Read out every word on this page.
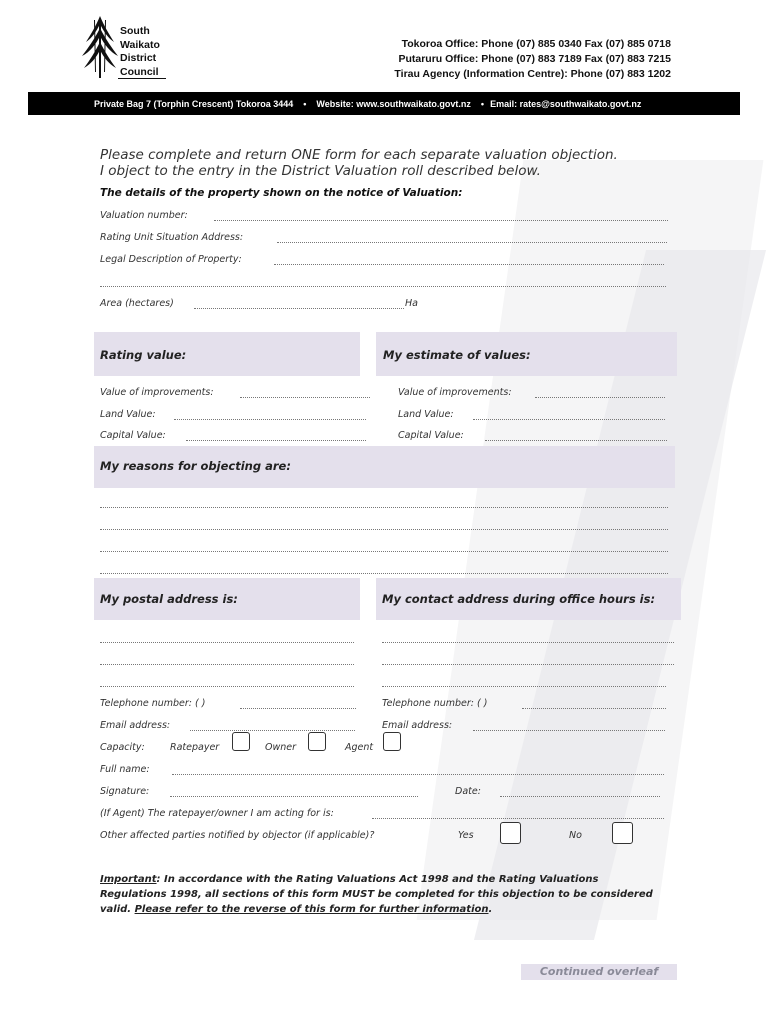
South
Waikato
District
Council
Tokoroa Office: Phone (07) 885 0340 Fax (07) 885 0718
Putaruru Office: Phone (07) 883 7189 Fax (07) 883 7215
Tirau Agency (Information Centre): Phone (07) 883 1202
Private Bag 7 (Torphin Crescent) Tokoroa 3444 • Website: www.southwaikato.govt.nz • Email: rates@southwaikato.govt.nz
Please complete and return ONE form for each separate valuation objection.
I object to the entry in the District Valuation roll described below.
The details of the property shown on the notice of Valuation:
Valuation number:
Rating Unit Situation Address:
Legal Description of Property:
Area (hectares)	Ha
Rating value:	My estimate of values:
Value of improvements:
Land Value:
Capital Value:
Value of improvements:
Land Value:
Capital Value:
My reasons for objecting are:
My postal address is:	My contact address during office hours is:
Telephone number: ( )	Telephone number: ( )
Email address:	Email address:
Capacity:	Ratepayer	Owner	Agent
Full name:
Signature:	Date:
(If Agent) The ratepayer/owner I am acting for is:
Other affected parties notified by objector (if applicable)?	Yes	No
Important: In accordance with the Rating Valuations Act 1998 and the Rating Valuations Regulations 1998, all sections of this form MUST be completed for this objection to be considered valid. Please refer to the reverse of this form for further information.
Continued overleaf
